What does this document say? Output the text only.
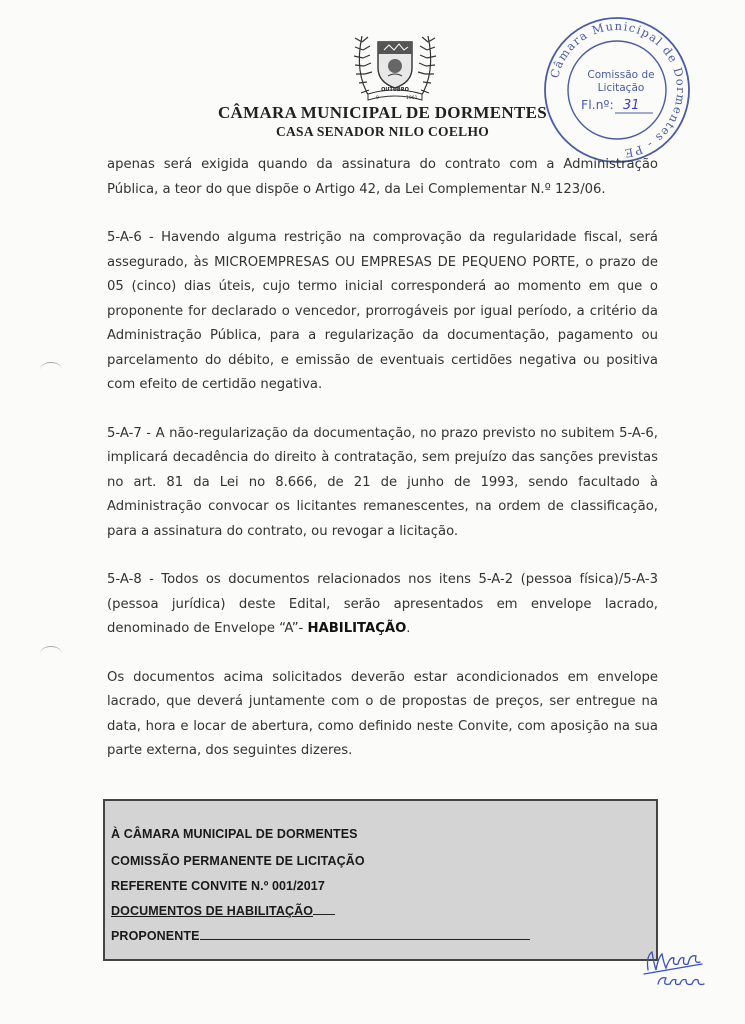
OUTUBRO
9	1961
CÂMARA MUNICIPAL DE DORMENTES
CASA SENADOR NILO COELHO
Câmara Municipal de Dormentes - PE
Comissão de
Licitação
Fl.nº: 31

apenas será exigida quando da assinatura do contrato com a Administração Pública, a teor do que dispõe o Artigo 42, da Lei Complementar N.º 123/06.

5-A-6 - Havendo alguma restrição na comprovação da regularidade fiscal, será assegurado, às MICROEMPRESAS OU EMPRESAS DE PEQUENO PORTE, o prazo de 05 (cinco) dias úteis, cujo termo inicial corresponderá ao momento em que o proponente for declarado o vencedor, prorrogáveis por igual período, a critério da Administração Pública, para a regularização da documentação, pagamento ou parcelamento do débito, e emissão de eventuais certidões negativa ou positiva com efeito de certidão negativa.

5-A-7 - A não-regularização da documentação, no prazo previsto no subitem 5-A-6, implicará decadência do direito à contratação, sem prejuízo das sanções previstas no art. 81 da Lei no 8.666, de 21 de junho de 1993, sendo facultado à Administração convocar os licitantes remanescentes, na ordem de classificação, para a assinatura do contrato, ou revogar a licitação.

5-A-8 - Todos os documentos relacionados nos itens 5-A-2 (pessoa física)/5-A-3 (pessoa jurídica) deste Edital, serão apresentados em envelope lacrado, denominado de Envelope “A”- HABILITAÇÃO.

Os documentos acima solicitados deverão estar acondicionados em envelope lacrado, que deverá juntamente com o de propostas de preços, ser entregue na data, hora e locar de abertura, como definido neste Convite, com aposição na sua parte externa, dos seguintes dizeres.

À CÂMARA MUNICIPAL DE DORMENTES
COMISSÃO PERMANENTE DE LICITAÇÃO
REFERENTE CONVITE N.º 001/2017
DOCUMENTOS DE HABILITAÇÃO
PROPONENTE
